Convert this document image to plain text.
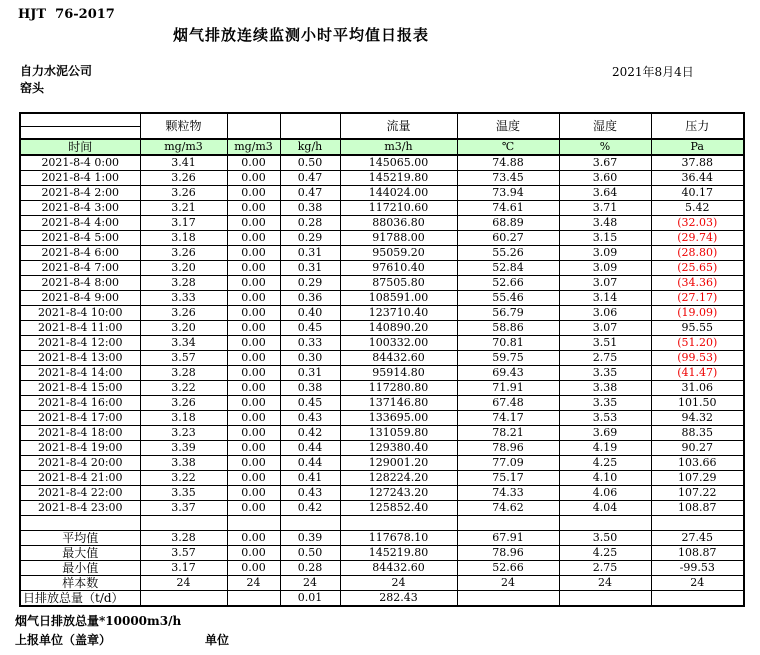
HJT  76-2017
烟气排放连续监测小时平均值日报表
自力水泥公司
窑头
2021年8月4日
	颗粒物			流量	温度	湿度	压力

时间	mg/m3	mg/m3	kg/h	m3/h	℃	%	Pa
2021-8-4 0:00	3.41	0.00	0.50	145065.00	74.88	3.67	37.88
2021-8-4 1:00	3.26	0.00	0.47	145219.80	73.45	3.60	36.44
2021-8-4 2:00	3.26	0.00	0.47	144024.00	73.94	3.64	40.17
2021-8-4 3:00	3.21	0.00	0.38	117210.60	74.61	3.71	5.42
2021-8-4 4:00	3.17	0.00	0.28	88036.80	68.89	3.48	(32.03)
2021-8-4 5:00	3.18	0.00	0.29	91788.00	60.27	3.15	(29.74)
2021-8-4 6:00	3.26	0.00	0.31	95059.20	55.26	3.09	(28.80)
2021-8-4 7:00	3.20	0.00	0.31	97610.40	52.84	3.09	(25.65)
2021-8-4 8:00	3.28	0.00	0.29	87505.80	52.66	3.07	(34.36)
2021-8-4 9:00	3.33	0.00	0.36	108591.00	55.46	3.14	(27.17)
2021-8-4 10:00	3.26	0.00	0.40	123710.40	56.79	3.06	(19.09)
2021-8-4 11:00	3.20	0.00	0.45	140890.20	58.86	3.07	95.55
2021-8-4 12:00	3.34	0.00	0.33	100332.00	70.81	3.51	(51.20)
2021-8-4 13:00	3.57	0.00	0.30	84432.60	59.75	2.75	(99.53)
2021-8-4 14:00	3.28	0.00	0.31	95914.80	69.43	3.35	(41.47)
2021-8-4 15:00	3.22	0.00	0.38	117280.80	71.91	3.38	31.06
2021-8-4 16:00	3.26	0.00	0.45	137146.80	67.48	3.35	101.50
2021-8-4 17:00	3.18	0.00	0.43	133695.00	74.17	3.53	94.32
2021-8-4 18:00	3.23	0.00	0.42	131059.80	78.21	3.69	88.35
2021-8-4 19:00	3.39	0.00	0.44	129380.40	78.96	4.19	90.27
2021-8-4 20:00	3.38	0.00	0.44	129001.20	77.09	4.25	103.66
2021-8-4 21:00	3.22	0.00	0.41	128224.20	75.17	4.10	107.29
2021-8-4 22:00	3.35	0.00	0.43	127243.20	74.33	4.06	107.22
2021-8-4 23:00	3.37	0.00	0.42	125852.40	74.62	4.04	108.87

平均值	3.28	0.00	0.39	117678.10	67.91	3.50	27.45
最大值	3.57	0.00	0.50	145219.80	78.96	4.25	108.87
最小值	3.17	0.00	0.28	84432.60	52.66	2.75	-99.53
样本数	24	24	24	24	24	24	24
日排放总量（t/d）			0.01	282.43			
烟气日排放总量*10000m3/h
上报单位（盖章）	单位
